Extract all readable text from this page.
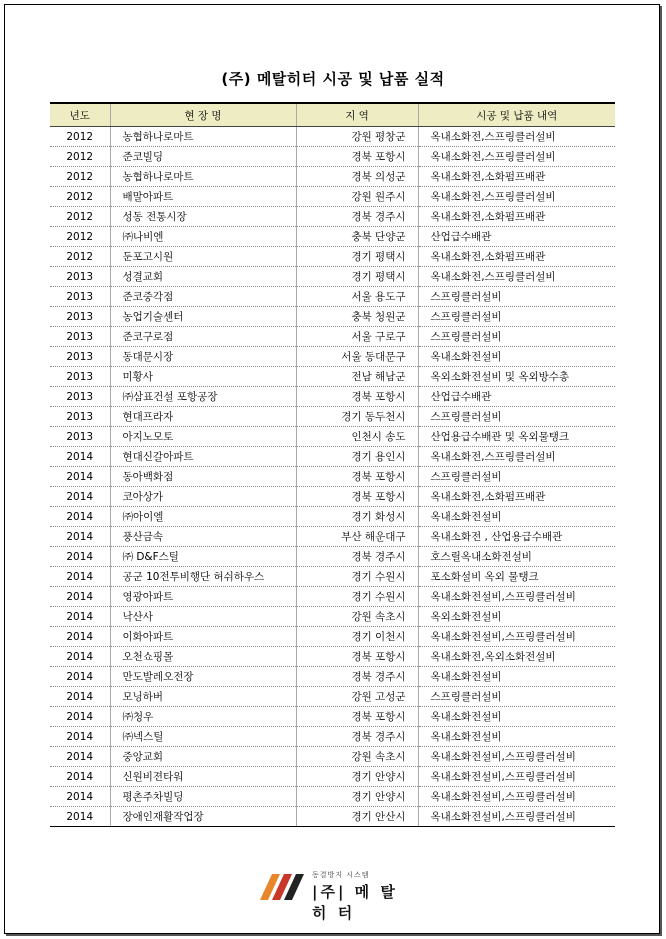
(주) 메탈히터 시공 및 납품 실적
년도	현 장 명	지 역	시공 및 납품 내역
2012	농협하나로마트	강원 평창군	옥내소화전,스프링클러설비
2012	준코빌딩	경북 포항시	옥내소화전,스프링클러설비
2012	농협하나로마트	경북 의성군	옥내소화전,소화펌프배관
2012	배말아파트	강원 원주시	옥내소화전,스프링클러설비
2012	성동 전통시장	경북 경주시	옥내소화전,소화펌프배관
2012	㈜나비엔	충북 단양군	산업급수배관
2012	둔포고시원	경기 평택시	옥내소화전,소화펌프배관
2013	성결교회	경기 평택시	옥내소화전,스프링클러설비
2013	준코중각점	서울 용도구	스프링클러설비
2013	농업기술센터	충북 청원군	스프링클러설비
2013	준코구로점	서울 구로구	스프링클러설비
2013	동대문시장	서울 동대문구	옥내소화전설비
2013	미황사	전남 해남군	옥외소화전설비 및 옥외방수총
2013	㈜삼표건설 포항공장	경북 포항시	산업급수배관
2013	현대프라자	경기 동두천시	스프링클러설비
2013	아지노모토	인천시 송도	산업용급수배관 및 옥외물탱크
2014	현대신갈아파트	경기 용인시	옥내소화전,스프링클러설비
2014	동아백화점	경북 포항시	스프링클러설비
2014	코아상가	경북 포항시	옥내소화전,소화펌프배관
2014	㈜아이엘	경기 화성시	옥내소화전설비
2014	풍산금속	부산 해운대구	옥내소화전 , 산업용급수배관
2014	㈜ D&F스틸	경북 경주시	호스릴옥내소화전설비
2014	공군 10전투비행단 허쉬하우스	경기 수원시	포소화설비 옥외 물탱크
2014	영광아파트	경기 수원시	옥내소화전설비,스프링클러설비
2014	낙산사	강원 속초시	옥외소화전설비
2014	이화아파트	경기 이천시	옥내소화전설비,스프링클러설비
2014	오천쇼핑몰	경북 포항시	옥내소화전,옥외소화전설비
2014	만도발레오전장	경북 경주시	옥내소화전설비
2014	모닝하버	강원 고성군	스프링클러설비
2014	㈜청우	경북 포항시	옥내소화전설비
2014	㈜넥스틸	경북 경주시	옥내소화전설비
2014	중앙교회	강원 속초시	옥내소화전설비,스프링클러설비
2014	신원비젼타워	경기 안양시	옥내소화전설비,스프링클러설비
2014	평촌주차빌딩	경기 안양시	옥내소화전설비,스프링클러설비
2014	장애인재활작업장	경기 안산시	옥내소화전설비,스프링클러설비
동결방지 시스템
|주| 메 탈 히 터
